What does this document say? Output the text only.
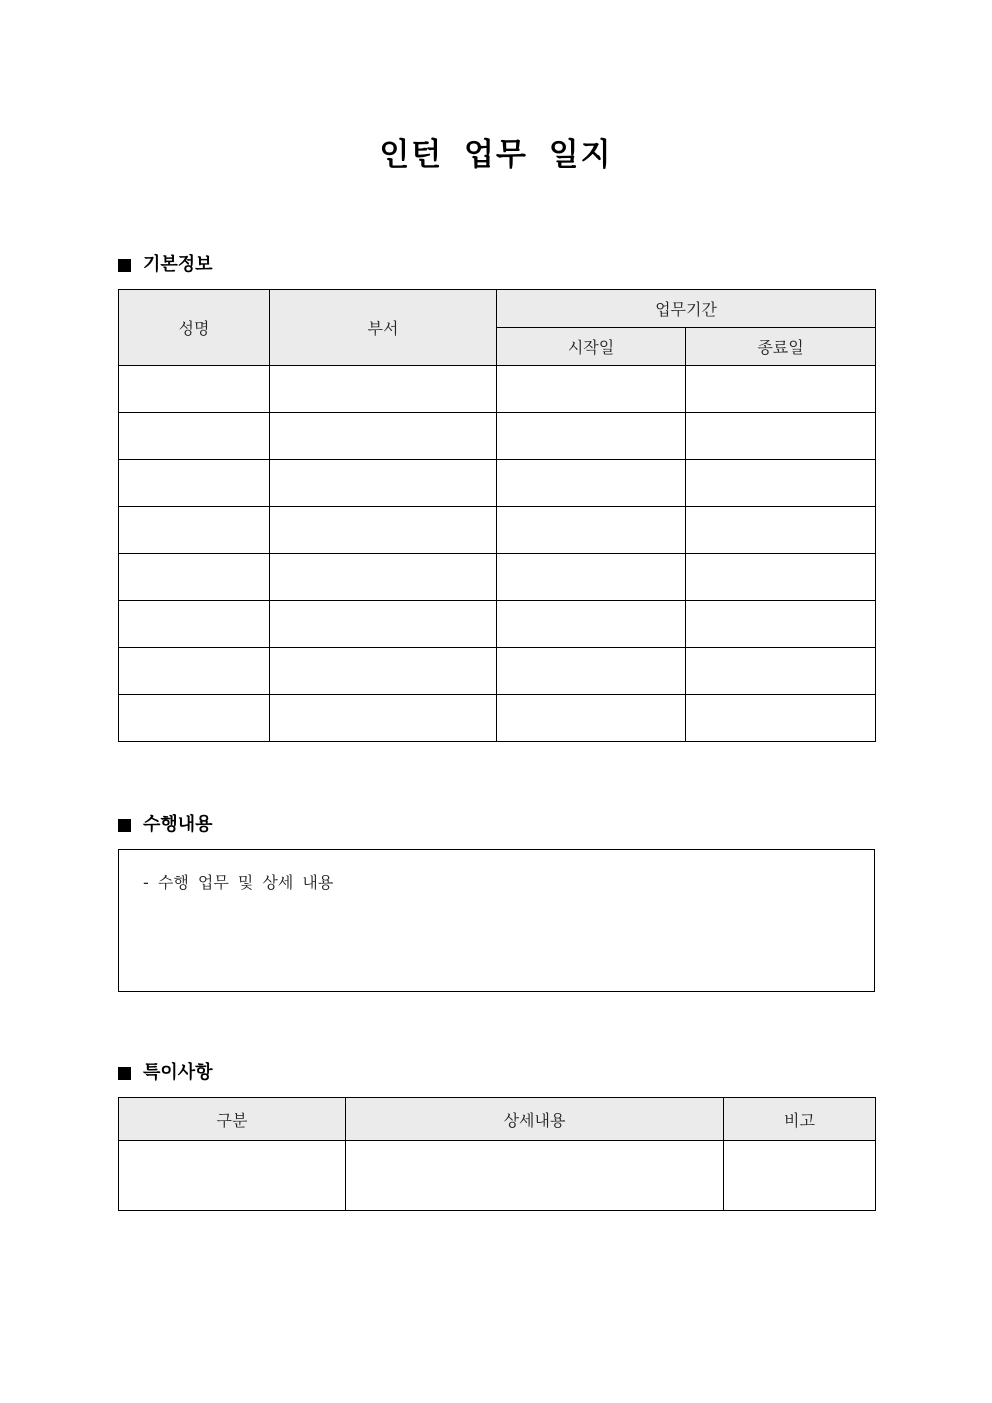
인턴 업무 일지
기본정보
성명	부서	업무기간	
		시작일	종료일

수행내용
- 수행 업무 및 상세 내용
특이사항
구분	상세내용	비고
